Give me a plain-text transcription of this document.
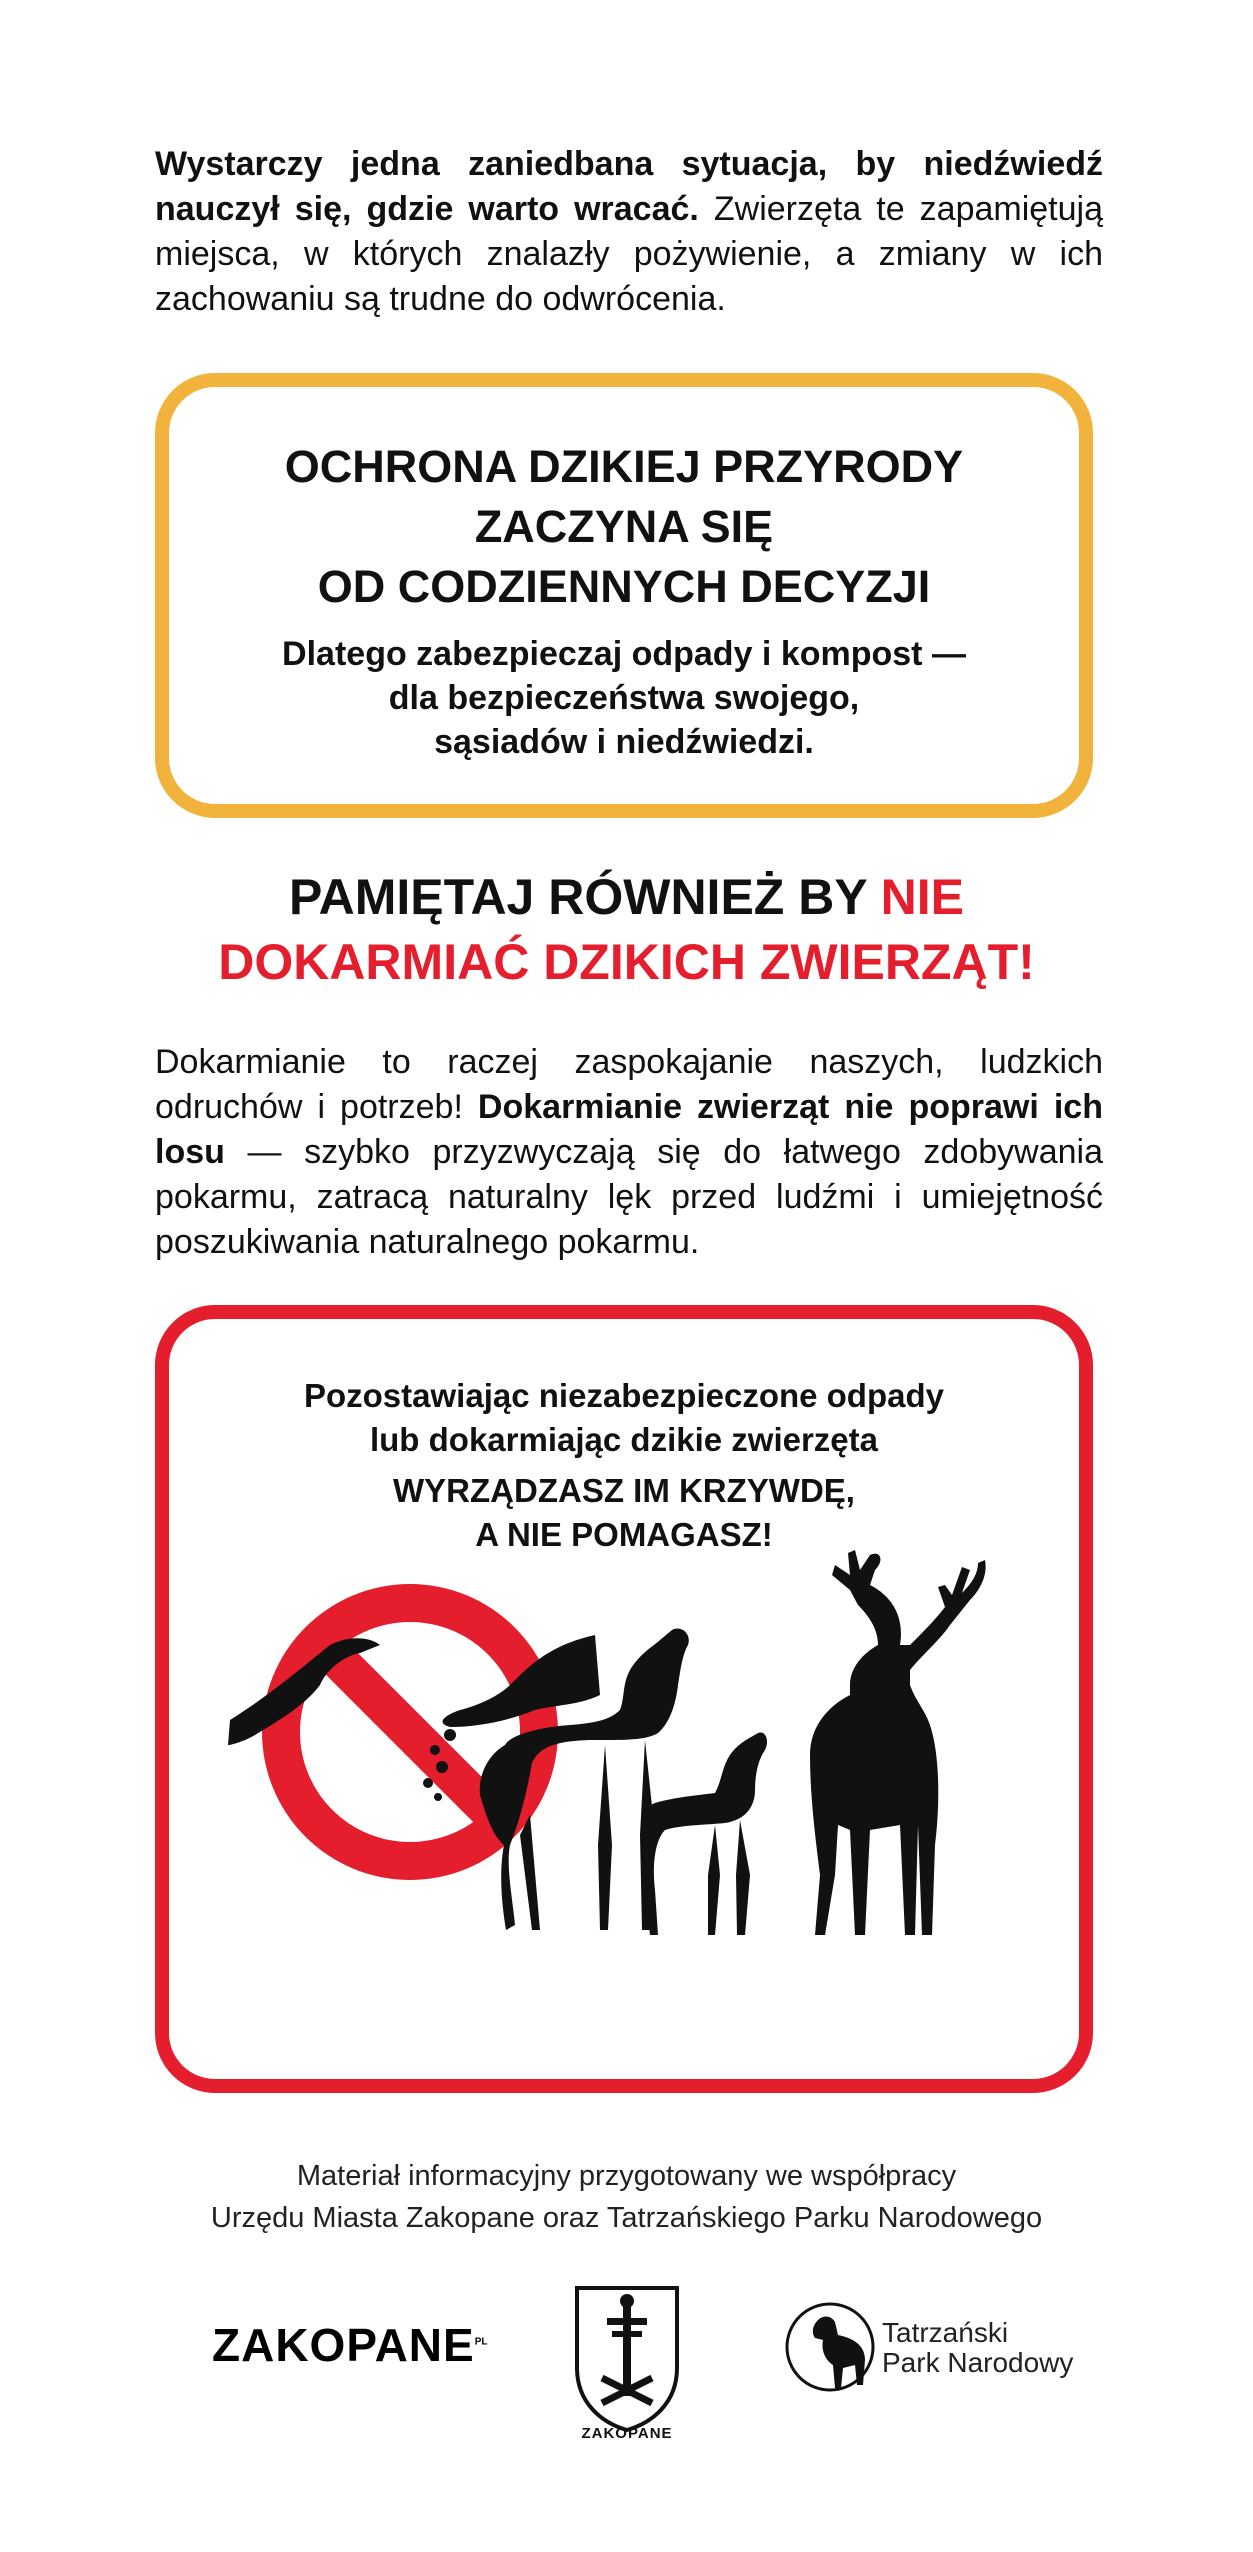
Wystarczy jedna zaniedbana sytuacja, by niedźwiedź nauczył się, gdzie warto wracać. Zwierzęta te zapamiętują miejsca, w których znalazły pożywienie, a zmiany w ich zachowaniu są trudne do odwrócenia.
OCHRONA DZIKIEJ PRZYRODY
ZACZYNA SIĘ
OD CODZIENNYCH DECYZJI
Dlatego zabezpieczaj odpady i kompost —
dla bezpieczeństwa swojego,
sąsiadów i niedźwiedzi.
PAMIĘTAJ RÓWNIEŻ BY NIE
DOKARMIAĆ DZIKICH ZWIERZĄT!
Dokarmianie to raczej zaspokajanie naszych, ludzkich odruchów i potrzeb! Dokarmianie zwierząt nie poprawi ich losu — szybko przyzwyczają się do łatwego zdobywania pokarmu, zatracą naturalny lęk przed ludźmi i umiejętność poszukiwania naturalnego pokarmu.
Pozostawiając niezabezpieczone odpady
lub dokarmiając dzikie zwierzęta
WYRZĄDZASZ IM KRZYWDĘ,
A NIE POMAGASZ!
Materiał informacyjny przygotowany we współpracy
Urzędu Miasta Zakopane oraz Tatrzańskiego Parku Narodowego
$ZAKOPANE^{PL}$
ZAKOPANE
Tatrzański
Park Narodowy
